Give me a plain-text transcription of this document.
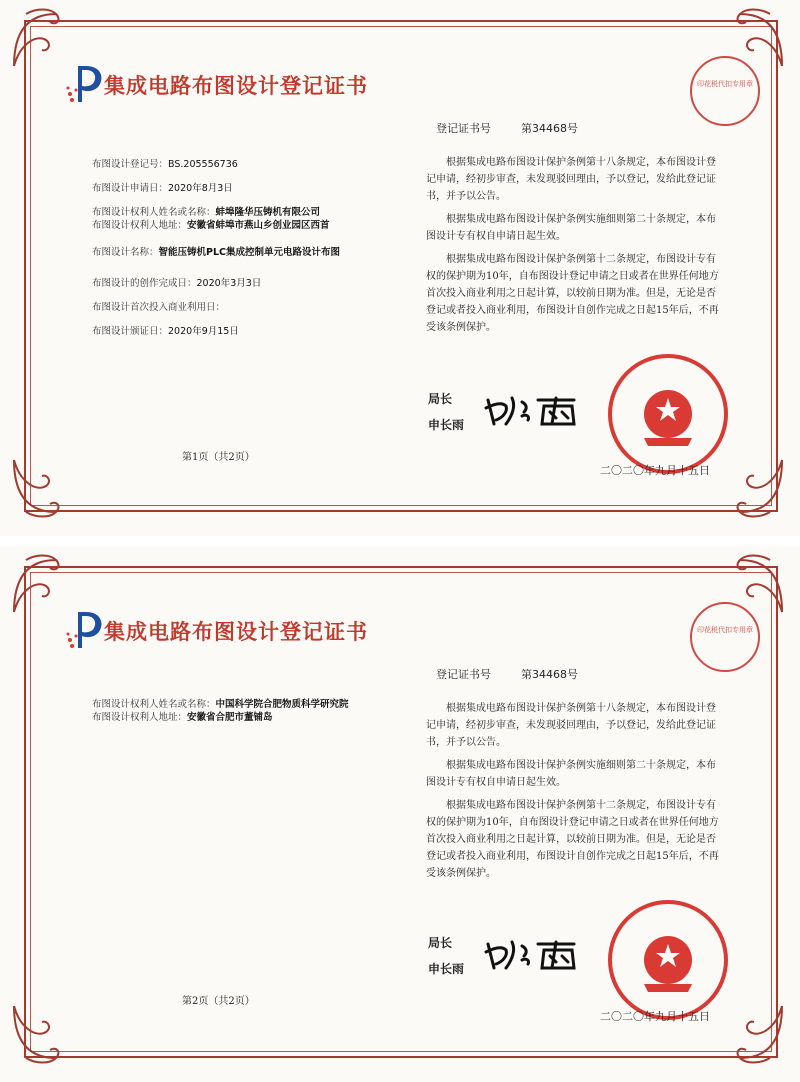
集成电路布图设计登记证书	印花税代扣专用章
登记证书号	第34468号

布图设计登记号：BS.205556736

布图设计申请日：2020年8月3日

布图设计权利人姓名或名称：蚌埠隆华压铸机有限公司

布图设计权利人地址：安徽省蚌埠市燕山乡创业园区西首

布图设计名称：智能压铸机PLC集成控制单元电路设计布图

布图设计的创作完成日：2020年3月3日

布图设计首次投入商业利用日：

布图设计颁证日：2020年9月15日

根据集成电路布图设计保护条例第十八条规定，本布图设计登记申请，经初步审查，未发现驳回理由，予以登记，发给此登记证书，并予以公告。

根据集成电路布图设计保护条例实施细则第二十条规定，本布图设计专有权自申请日起生效。

根据集成电路布图设计保护条例第十二条规定，布图设计专有权的保护期为10年，自布图设计登记申请之日或者在世界任何地方首次投入商业利用之日起计算，以较前日期为准。但是，无论是否登记或者投入商业利用，布图设计自创作完成之日起15年后，不再受该条例保护。

局长
申长雨
二〇二〇年九月十五日
第1页（共2页）
集成电路布图设计登记证书	印花税代扣专用章
登记证书号	第34468号

布图设计权利人姓名或名称：中国科学院合肥物质科学研究院

布图设计权利人地址：安徽省合肥市董铺岛

根据集成电路布图设计保护条例第十八条规定，本布图设计登记申请，经初步审查，未发现驳回理由，予以登记，发给此登记证书，并予以公告。

根据集成电路布图设计保护条例实施细则第二十条规定，本布图设计专有权自申请日起生效。

根据集成电路布图设计保护条例第十二条规定，布图设计专有权的保护期为10年，自布图设计登记申请之日或者在世界任何地方首次投入商业利用之日起计算，以较前日期为准。但是，无论是否登记或者投入商业利用，布图设计自创作完成之日起15年后，不再受该条例保护。

局长
申长雨
二〇二〇年九月十五日
第2页（共2页）
